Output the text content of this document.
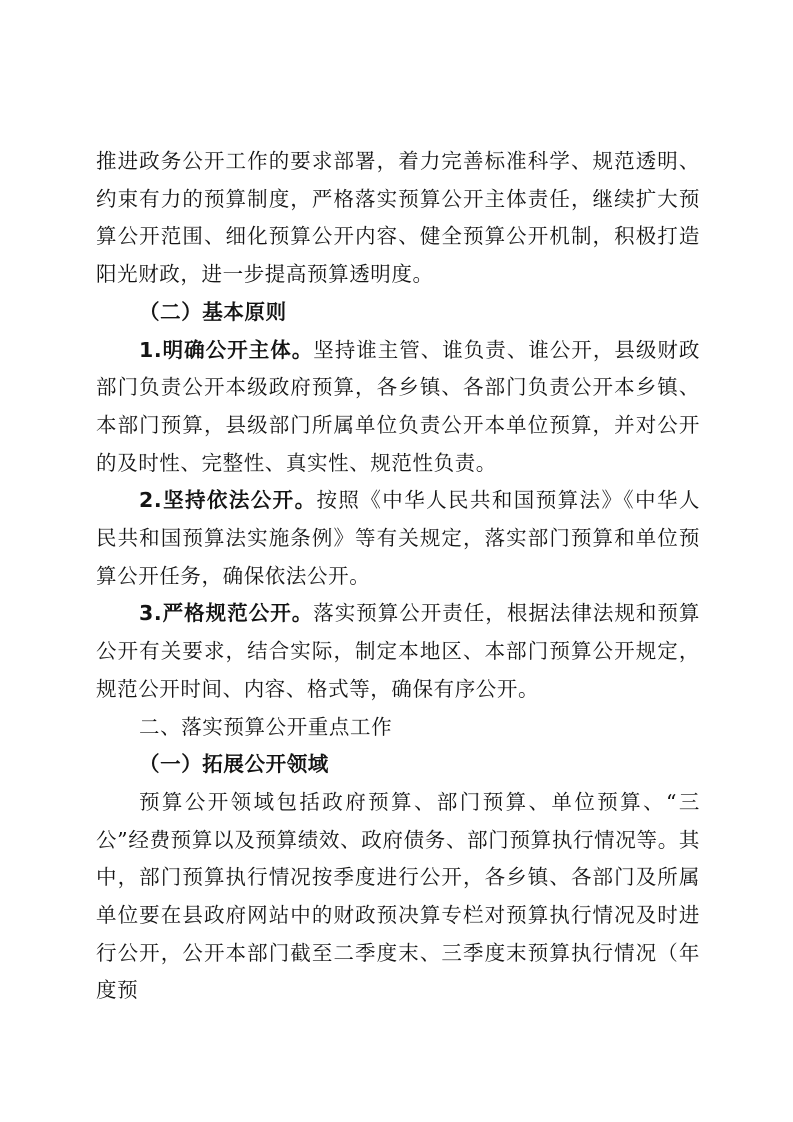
推进政务公开工作的要求部署，着力完善标准科学、规范透明、约束有力的预算制度，严格落实预算公开主体责任，继续扩大预算公开范围、细化预算公开内容、健全预算公开机制，积极打造阳光财政，进一步提高预算透明度。

（二）基本原则

1.明确公开主体。坚持谁主管、谁负责、谁公开，县级财政部门负责公开本级政府预算，各乡镇、各部门负责公开本乡镇、本部门预算，县级部门所属单位负责公开本单位预算，并对公开的及时性、完整性、真实性、规范性负责。

2.坚持依法公开。按照《中华人民共和国预算法》《中华人民共和国预算法实施条例》等有关规定，落实部门预算和单位预算公开任务，确保依法公开。

3.严格规范公开。落实预算公开责任，根据法律法规和预算公开有关要求，结合实际，制定本地区、本部门预算公开规定，规范公开时间、内容、格式等，确保有序公开。

二、落实预算公开重点工作

（一）拓展公开领域

预算公开领域包括政府预算、部门预算、单位预算、“三公”经费预算以及预算绩效、政府债务、部门预算执行情况等。其中，部门预算执行情况按季度进行公开，各乡镇、各部门及所属单位要在县政府网站中的财政预决算专栏对预算执行情况及时进行公开，公开本部门截至二季度末、三季度末预算执行情况（年度预
